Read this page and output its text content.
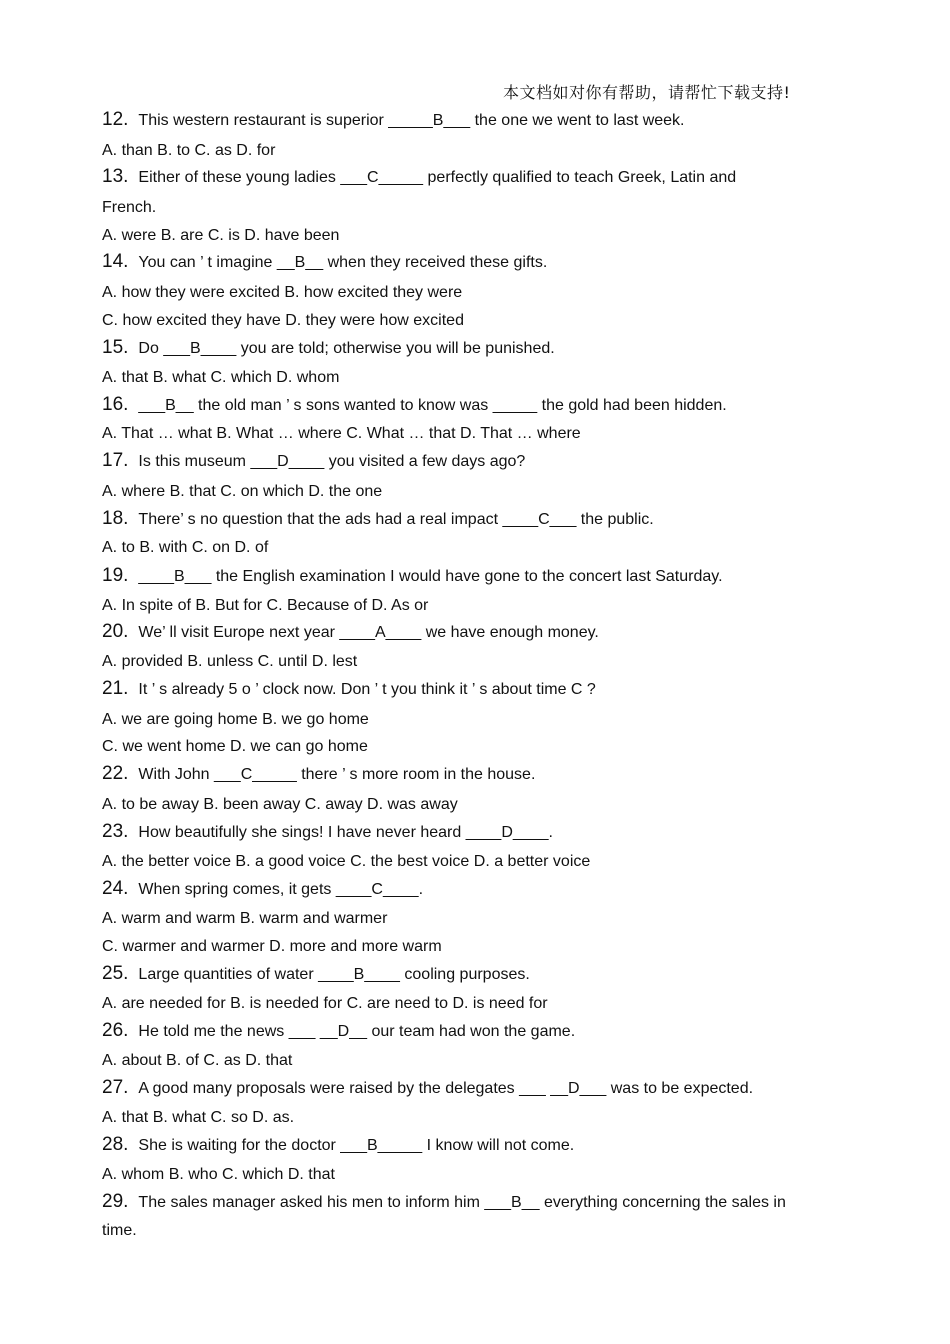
本文档如对你有帮助，请帮忙下载支持!
12. This western restaurant is superior _____B___ the one we went to last week.
A. than B. to C. as D. for
13. Either of these young ladies ___C_____ perfectly qualified to teach Greek, Latin and
French.
A. were B. are C. is D. have been
14. You can ’ t imagine __B__ when they received these gifts.
A. how they were excited B. how excited they were
C. how excited they have D. they were how excited
15. Do ___B____ you are told; otherwise you will be punished.
A. that B. what C. which D. whom
16. ___B__ the old man ’ s sons wanted to know was _____ the gold had been hidden.
A. That … what B. What … where C. What … that D. That … where
17. Is this museum ___D____ you visited a few days ago?
A. where B. that C. on which D. the one
18. There’ s no question that the ads had a real impact ____C___ the public.
A. to B. with C. on D. of
19. ____B___ the English examination I would have gone to the concert last Saturday.
A. In spite of B. But for C. Because of D. As or
20. We’ ll visit Europe next year ____A____ we have enough money.
A. provided B. unless C. until D. lest
21. It ’ s already 5 o ’ clock now. Don ’ t you think it ’ s about time C ?
A. we are going home B. we go home
C. we went home D. we can go home
22. With John ___C_____ there ’ s more room in the house.
A. to be away B. been away C. away D. was away
23. How beautifully she sings! I have never heard ____D____.
A. the better voice B. a good voice C. the best voice D. a better voice
24. When spring comes, it gets ____C____.
A. warm and warm B. warm and warmer
C. warmer and warmer D. more and more warm
25. Large quantities of water ____B____ cooling purposes.
A. are needed for B. is needed for C. are need to D. is need for
26. He told me the news ___ __D__ our team had won the game.
A. about B. of C. as D. that
27. A good many proposals were raised by the delegates ___ __D___ was to be expected.
A. that B. what C. so D. as.
28. She is waiting for the doctor ___B_____ I know will not come.
A. whom B. who C. which D. that
29. The sales manager asked his men to inform him ___B__ everything concerning the sales in
time.
